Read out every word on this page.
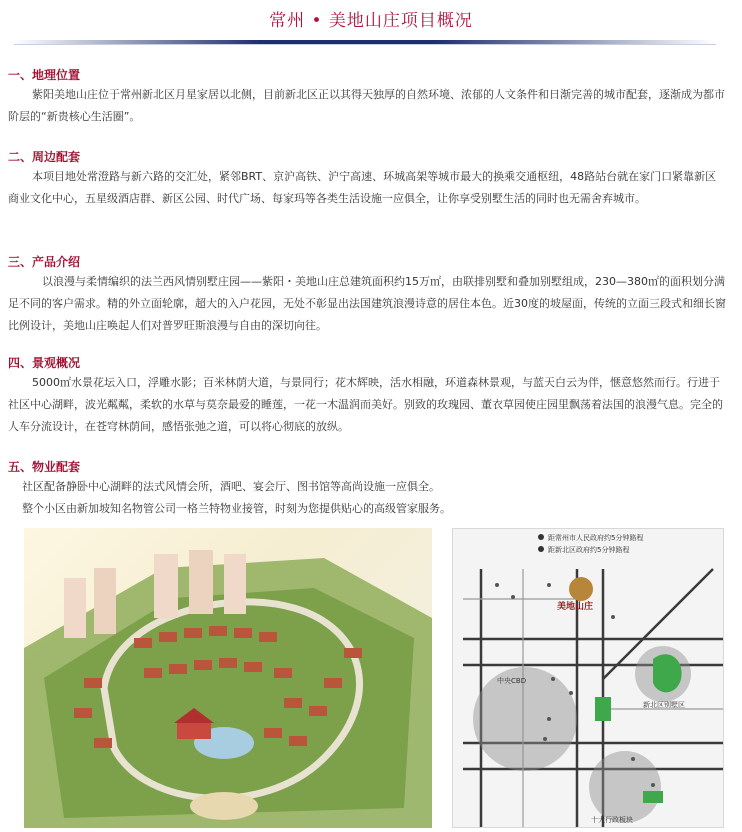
常州 • 美地山庄项目概况
一、地理位置

紫阳美地山庄位于常州新北区月星家居以北侧，目前新北区正以其得天独厚的自然环境、浓郁的人文条件和日渐完善的城市配套，逐渐成为都市阶层的“新贵核心生活圈”。

二、周边配套

本项目地处常澄路与新六路的交汇处，紧邻BRT、京沪高铁、沪宁高速、环城高架等城市最大的换乘交通枢纽，48路站台就在家门口紧靠新区商业文化中心，五星级酒店群、新区公园、时代广场、每家玛等各类生活设施一应俱全，让你享受别墅生活的同时也无需舍弃城市。

三、产品介绍

以浪漫与柔情编织的法兰西风情别墅庄园——紫阳・美地山庄总建筑面积约15万㎡，由联排别墅和叠加别墅组成，230—380㎡的面积划分满足不同的客户需求。精的外立面轮廓，超大的入户花园，无处不彰显出法国建筑浪漫诗意的居住本色。近30度的坡屋面，传统的立面三段式和细长窗比例设计，美地山庄唤起人们对普罗旺斯浪漫与自由的深切向往。

四、景观概况

5000㎡水景花坛入口，浮雕水影；百米林荫大道，与景同行；花木辉映，活水相融，环道森林景观，与蓝天白云为伴，惬意悠然而行。行进于社区中心湖畔，波光粼粼，柔软的水草与莫奈最爱的睡莲，一花一木温润而美好。别致的玫瑰园、董衣草园使庄园里飘荡着法国的浪漫气息。完全的人车分流设计，在苍穹林荫间，感悟张弛之道，可以将心彻底的放纵。

五、物业配套

社区配备静卧中心湖畔的法式风情会所，酒吧、宴会厅、图书馆等高尚设施一应俱全。

整个小区由新加坡知名物管公司一格兰特物业接管，时刻为您提供贴心的高级管家服务。

距常州市人民政府约5分钟路程
距新北区政府约5分钟路程
美地山庄
中央CBD
新北区别墅区
十大行政板块
